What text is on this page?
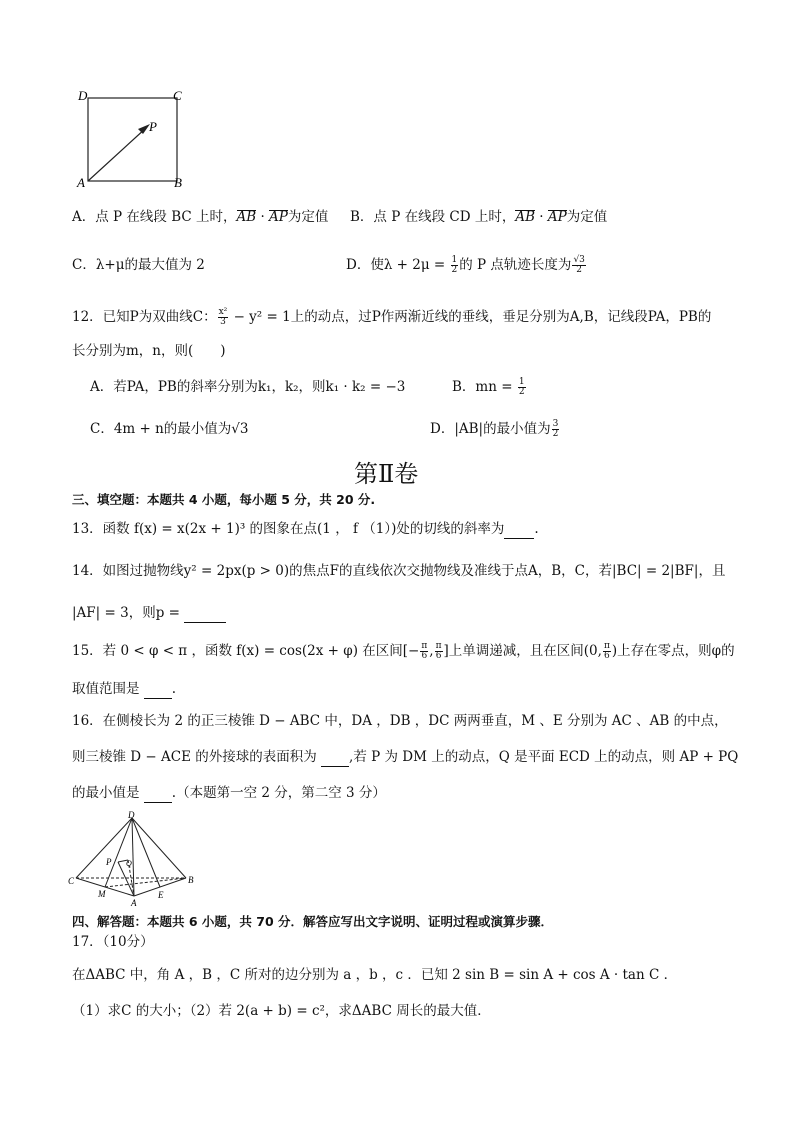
D	C
A	B
P
A．点 P 在线段 BC 上时，AB · AP为定值 B．点 P 在线段 CD 上时，AB · AP为定值
C．λ+μ的最大值为 2	D．使$\lambda + 2\mu = \frac{1}{2}$ 的 P 点轨迹长度为 $\frac{√3}{2}$
12．已知P为双曲线C： $\frac{\text{x²}}{3} - y^2 = 1$上的动点，过P作两渐近线的垂线，垂足分别为A,B，记线段PA，PB的
长分别为m，n，则(　　)
A．若PA，PB的斜率分别为k₁，k₂，则k₁ · k₂ = −3	B．mn = $\frac{1}{2}$
C．4m + n的最小值为√3	D．|AB|的最小值为 $\frac{3}{2}$
第Ⅱ卷
三、填空题：本题共 4 小题，每小题 5 分，共 20 分.
13．函数 f(x) = x(2x + 1)³ 的图象在点(1 ， f （1）)处的切线的斜率为 .
14．如图过抛物线y² = 2px(p > 0)的焦点F的直线依次交抛物线及准线于点A，B，C，若|BC| = 2|BF|，且
|AF| = 3，则p =
15．若 0 < φ < π ，函数 f(x) = cos(2x + φ) 在区间[− $\frac{\pi}{6}$ , $\frac{\pi}{6}$ ]上单调递减，且在区间(0, $\frac{\pi}{6}$ )上存在零点，则φ的
取值范围是  .
16．在侧棱长为 2 的正三棱锥 D − ABC 中，DA ，DB ，DC 两两垂直，M 、E 分别为 AC 、AB 的中点，
则三棱锥 D − ACE 的外接球的表面积为  ,若 P 为 DM 上的动点，Q 是平面 ECD 上的动点，则 AP + PQ
的最小值是  .（本题第一空 2 分，第二空 3 分）
D
P Q
C
M
A
E
B
四、解答题：本题共 6 小题，共 70 分．解答应写出文字说明、证明过程或演算步骤．
17．（10分）
在ΔABC 中，角 A ，B ，C 所对的边分别为 a ，b ，c ．已知 2 sin B = sin A + cos A · tan C ．
（1）求C 的大小；（2）若 2(a + b) = c²，求ΔABC 周长的最大值．
